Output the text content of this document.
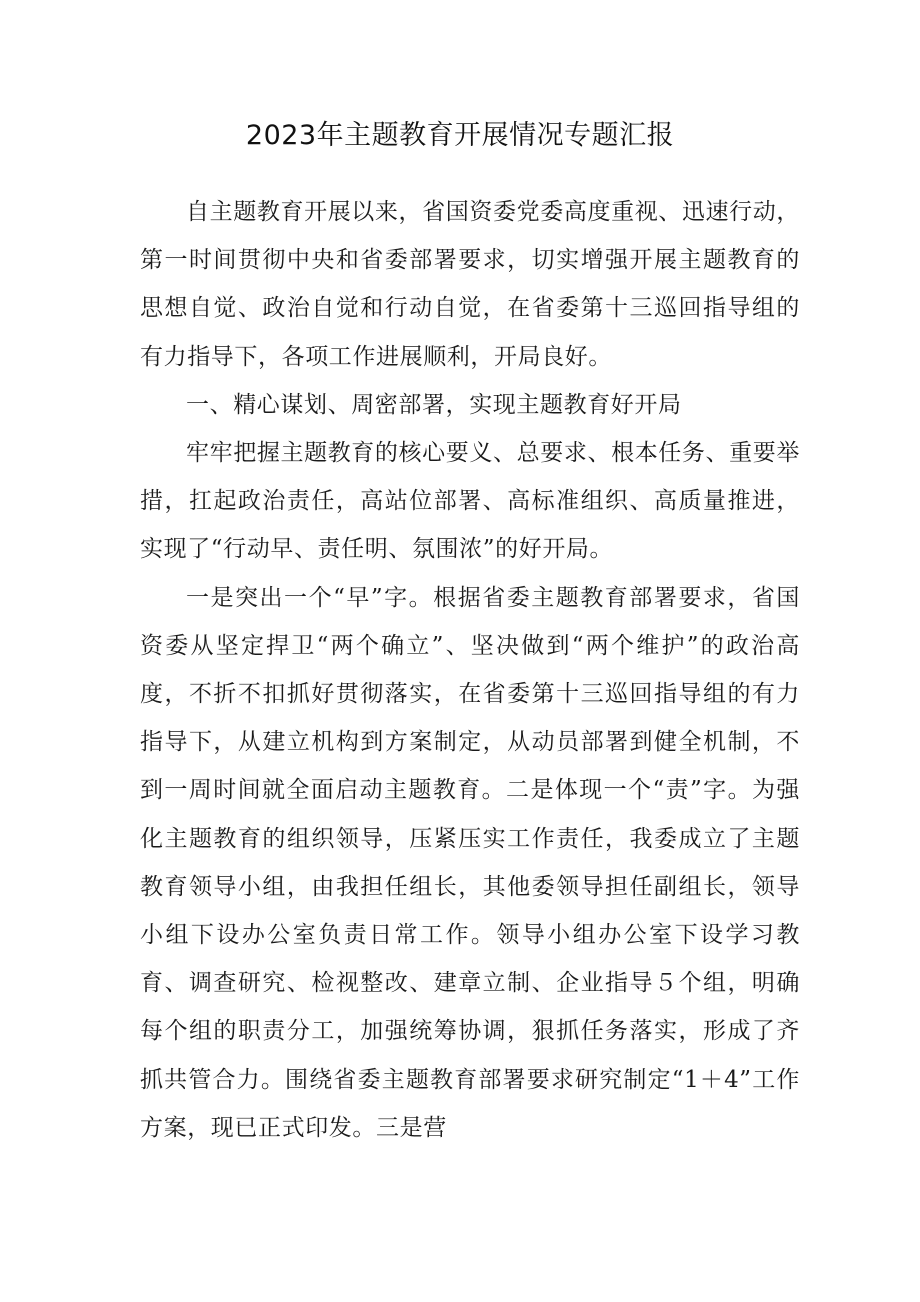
2023年主题教育开展情况专题汇报

自主题教育开展以来，省国资委党委高度重视、迅速行动，第一时间贯彻中央和省委部署要求，切实增强开展主题教育的思想自觉、政治自觉和行动自觉，在省委第十三巡回指导组的有力指导下，各项工作进展顺利，开局良好。

一、精心谋划、周密部署，实现主题教育好开局

牢牢把握主题教育的核心要义、总要求、根本任务、重要举措，扛起政治责任，高站位部署、高标准组织、高质量推进，实现了“行动早、责任明、氛围浓”的好开局。

一是突出一个“早”字。根据省委主题教育部署要求，省国资委从坚定捍卫“两个确立”、坚决做到“两个维护”的政治高度，不折不扣抓好贯彻落实，在省委第十三巡回指导组的有力指导下，从建立机构到方案制定，从动员部署到健全机制，不到一周时间就全面启动主题教育。二是体现一个“责”字。为强化主题教育的组织领导，压紧压实工作责任，我委成立了主题教育领导小组，由我担任组长，其他委领导担任副组长，领导小组下设办公室负责日常工作。领导小组办公室下设学习教育、调查研究、检视整改、建章立制、企业指导５个组，明确每个组的职责分工，加强统筹协调，狠抓任务落实，形成了齐抓共管合力。围绕省委主题教育部署要求研究制定“1＋4”工作方案，现已正式印发。三是营
